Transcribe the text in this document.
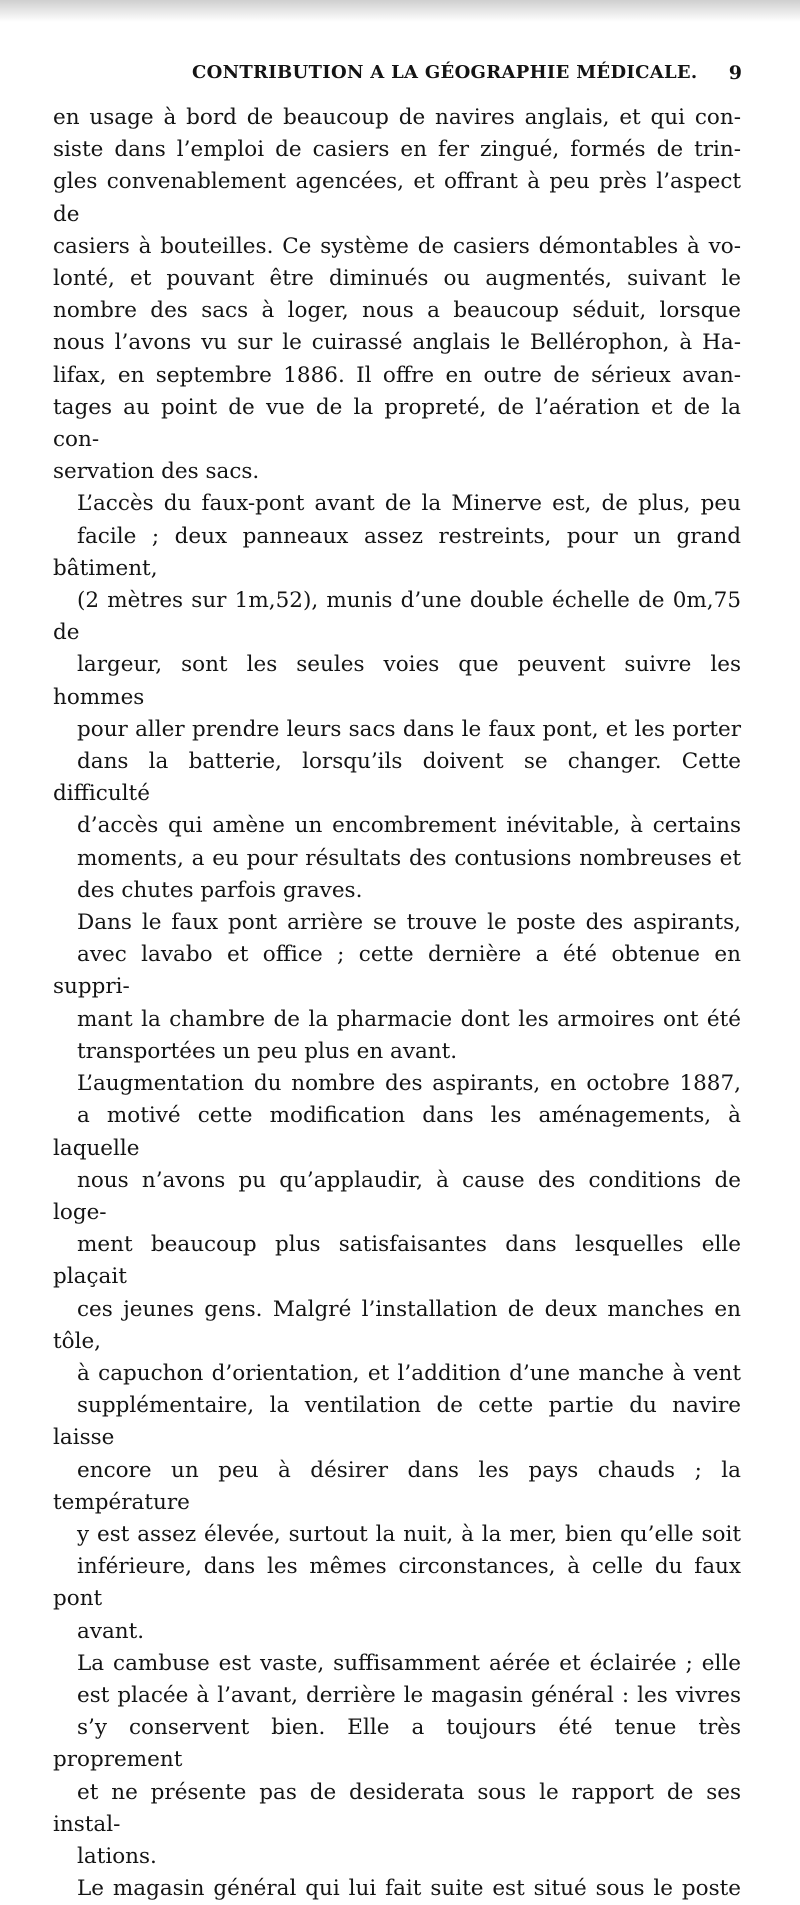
CONTRIBUTION A LA GÉOGRAPHIE MÉDICALE. 9

en usage à bord de beaucoup de navires anglais, et qui con-
siste dans l’emploi de casiers en fer zingué, formés de trin-
gles convenablement agencées, et offrant à peu près l’aspect de
casiers à bouteilles. Ce système de casiers démontables à vo-
lonté, et pouvant être diminués ou augmentés, suivant le
nombre des sacs à loger, nous a beaucoup séduit, lorsque
nous l’avons vu sur le cuirassé anglais le Bellérophon, à Ha-
lifax, en septembre 1886. Il offre en outre de sérieux avan-
tages au point de vue de la propreté, de l’aération et de la con-
servation des sacs.

L’accès du faux-pont avant de la Minerve est, de plus, peu
facile ; deux panneaux assez restreints, pour un grand bâtiment,
(2 mètres sur 1m,52), munis d’une double échelle de 0m,75 de
largeur, sont les seules voies que peuvent suivre les hommes
pour aller prendre leurs sacs dans le faux pont, et les porter
dans la batterie, lorsqu’ils doivent se changer. Cette difficulté
d’accès qui amène un encombrement inévitable, à certains
moments, a eu pour résultats des contusions nombreuses et
des chutes parfois graves.

Dans le faux pont arrière se trouve le poste des aspirants,
avec lavabo et office ; cette dernière a été obtenue en suppri-
mant la chambre de la pharmacie dont les armoires ont été
transportées un peu plus en avant.

L’augmentation du nombre des aspirants, en octobre 1887,
a motivé cette modification dans les aménagements, à laquelle
nous n’avons pu qu’applaudir, à cause des conditions de loge-
ment beaucoup plus satisfaisantes dans lesquelles elle plaçait
ces jeunes gens. Malgré l’installation de deux manches en tôle,
à capuchon d’orientation, et l’addition d’une manche à vent
supplémentaire, la ventilation de cette partie du navire laisse
encore un peu à désirer dans les pays chauds ; la température
y est assez élevée, surtout la nuit, à la mer, bien qu’elle soit
inférieure, dans les mêmes circonstances, à celle du faux pont
avant.

La cambuse est vaste, suffisamment aérée et éclairée ; elle
est placée à l’avant, derrière le magasin général : les vivres
s’y conservent bien. Elle a toujours été tenue très proprement
et ne présente pas de desiderata sous le rapport de ses instal-
lations.

Le magasin général qui lui fait suite est situé sous le poste
